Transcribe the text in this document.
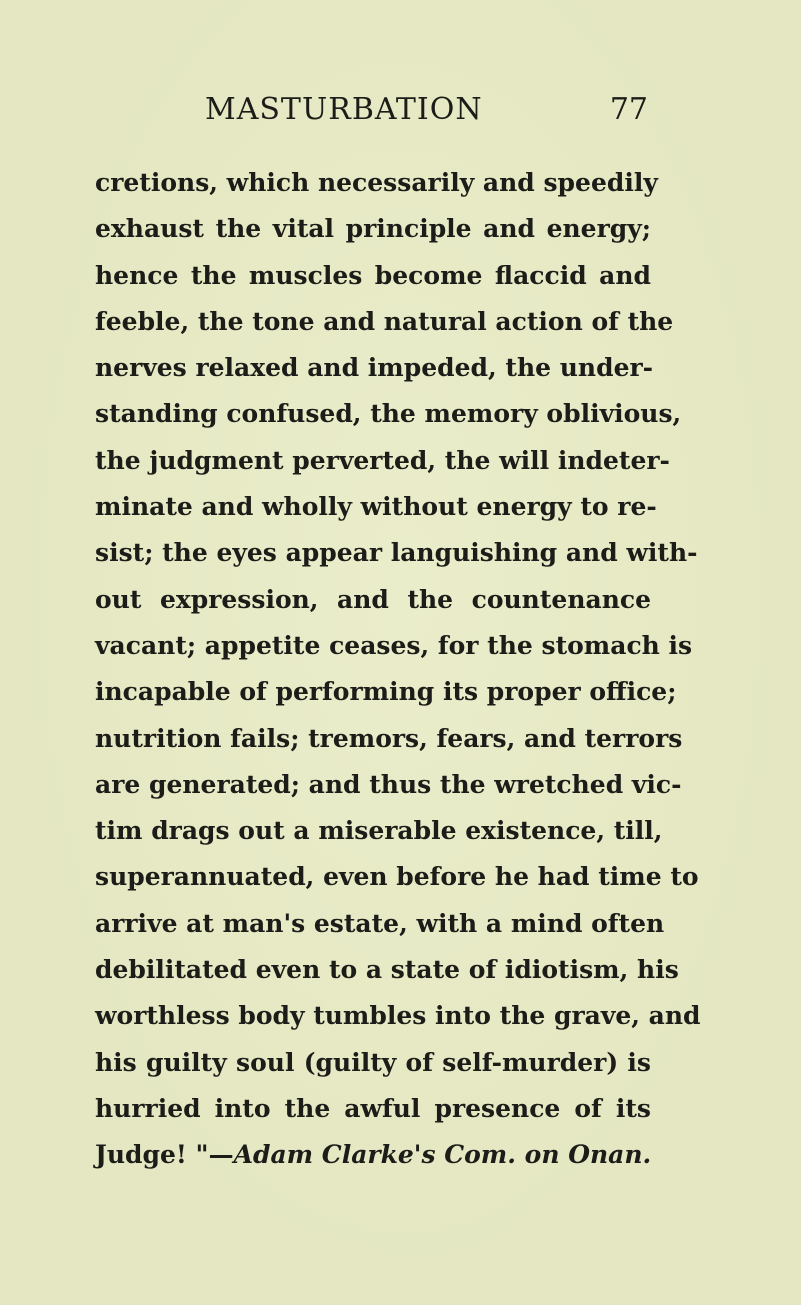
MASTURBATION	77
cretions, which necessarily and speedily
exhaust the vital principle and energy;
hence the muscles become flaccid and
feeble, the tone and natural action of the
nerves relaxed and impeded, the under-
standing confused, the memory oblivious,
the judgment perverted, the will indeter-
minate and wholly without energy to re-
sist; the eyes appear languishing and with-
out expression, and the countenance
vacant; appetite ceases, for the stomach is
incapable of performing its proper office;
nutrition fails; tremors, fears, and terrors
are generated; and thus the wretched vic-
tim drags out a miserable existence, till,
superannuated, even before he had time to
arrive at man's estate, with a mind often
debilitated even to a state of idiotism, his
worthless body tumbles into the grave, and
his guilty soul (guilty of self-murder) is
hurried into the awful presence of its
Judge! "—Adam Clarke's Com. on Onan.
